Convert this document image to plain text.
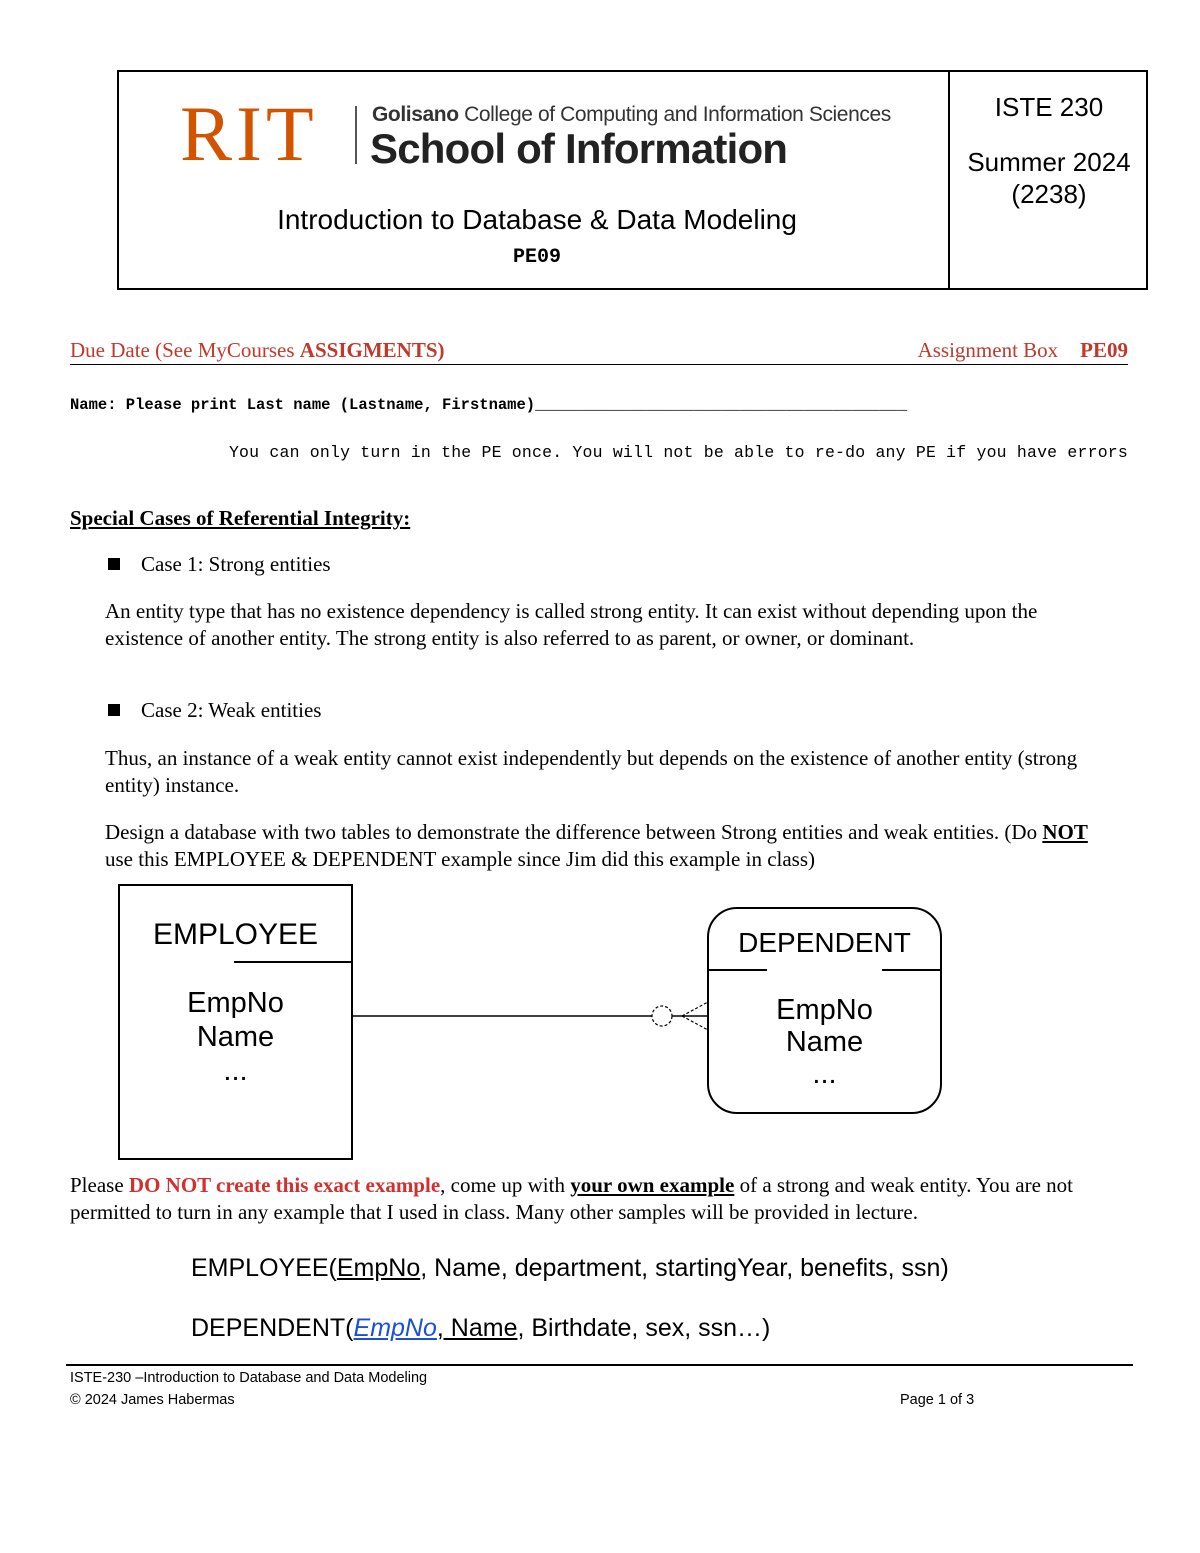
RIT	Golisano College of Computing and Information Sciences
School of Information
Introduction to Database & Data Modeling
PE09
ISTE 230
Summer 2024
(2238)
Due Date (See MyCourses ASSIGMENTS)	Assignment Box PE09
Name: Please print Last name (Lastname, Firstname)________________________________________
You can only turn in the PE once. You will not be able to re-do any PE if you have errors
Special Cases of Referential Integrity:
Case 1: Strong entities
An entity type that has no existence dependency is called strong entity. It can exist without depending upon the existence of another entity. The strong entity is also referred to as parent, or owner, or dominant.
Case 2: Weak entities
Thus, an instance of a weak entity cannot exist independently but depends on the existence of another entity (strong entity) instance.
Design a database with two tables to demonstrate the difference between Strong entities and weak entities. (Do NOT use this EMPLOYEE & DEPENDENT example since Jim did this example in class)
EMPLOYEE
EmpNo
Name
...
DEPENDENT
EmpNo
Name
...
Please DO NOT create this exact example, come up with your own example of a strong and weak entity. You are not permitted to turn in any example that I used in class. Many other samples will be provided in lecture.
EMPLOYEE(EmpNo, Name, department, startingYear, benefits, ssn)
DEPENDENT(EmpNo, Name, Birthdate, sex, ssn…)
ISTE-230 –Introduction to Database and Data Modeling
© 2024 James Habermas	Page 1 of 3
